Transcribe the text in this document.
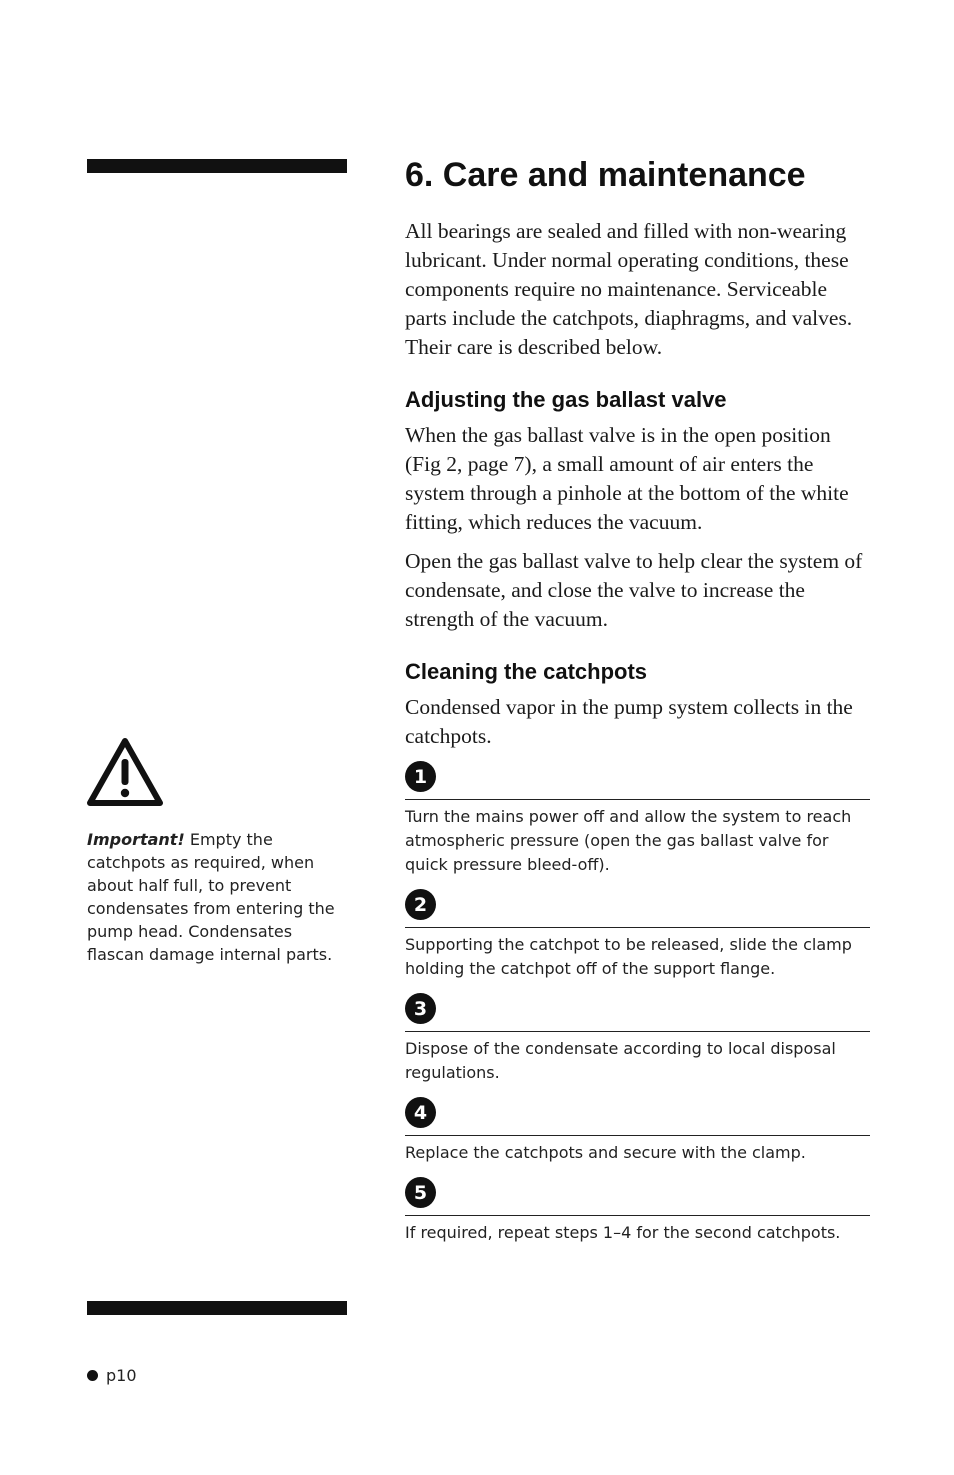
Important! Empty the catchpots as required, when about half full, to prevent condensates from entering the pump head. Condensates flascan damage internal parts.
6. Care and maintenance

All bearings are sealed and filled with non-wearing lubricant. Under normal operating conditions, these components require no maintenance. Serviceable parts include the catchpots, diaphragms, and valves. Their care is described below.

Adjusting the gas ballast valve

When the gas ballast valve is in the open position (Fig 2, page 7), a small amount of air enters the system through a pinhole at the bottom of the white fitting, which reduces the vacuum.

Open the gas ballast valve to help clear the system of condensate, and close the valve to increase the strength of the vacuum.

Cleaning the catchpots

Condensed vapor in the pump system collects in the catchpots.

1

Turn the mains power off and allow the system to reach atmospheric pressure (open the gas ballast valve for quick pressure bleed-off).

2

Supporting the catchpot to be released, slide the clamp holding the catchpot off of the support flange.

3

Dispose of the condensate according to local disposal regulations.

4

Replace the catchpots and secure with the clamp.

5

If required, repeat steps 1–4 for the second catchpots.

p10
